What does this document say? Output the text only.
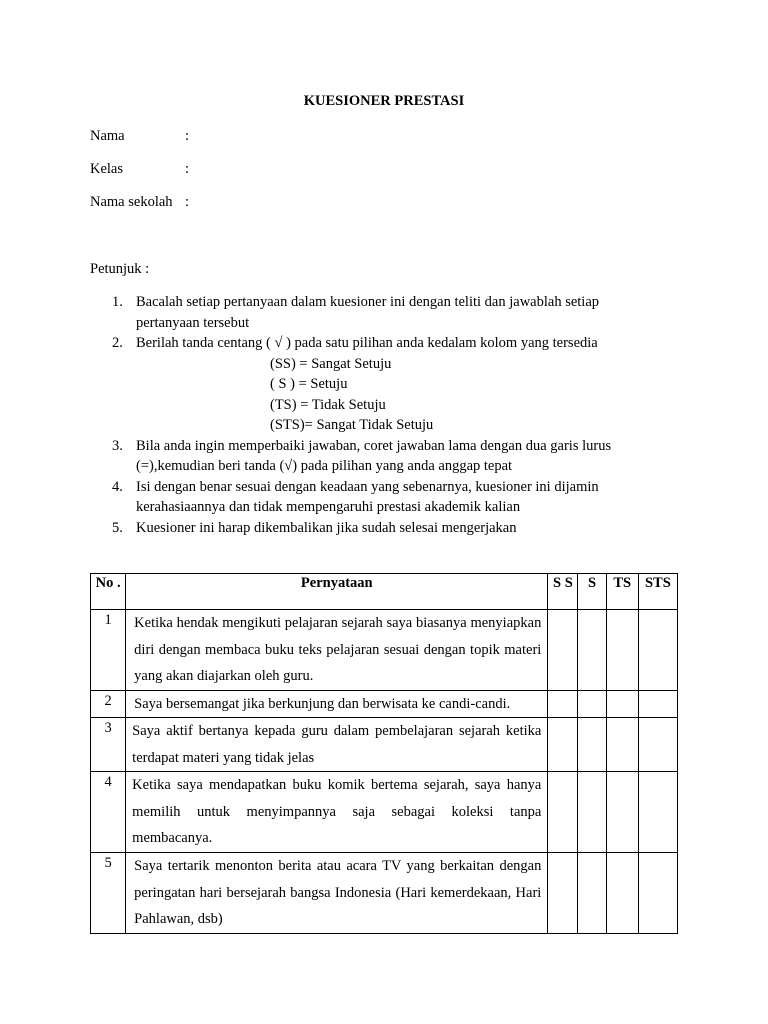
KUESIONER PRESTASI
Nama	:
Kelas	:
Nama sekolah :
Petunjuk :
1. Bacalah setiap pertanyaan dalam kuesioner ini dengan teliti dan jawablah setiap pertanyaan tersebut
2. Berilah tanda centang ( √ ) pada satu pilihan anda kedalam kolom yang tersedia
(SS) = Sangat Setuju
( S ) = Setuju
(TS) = Tidak Setuju
(STS)= Sangat Tidak Setuju
3. Bila anda ingin memperbaiki jawaban, coret jawaban lama dengan dua garis lurus (=),kemudian beri tanda (√) pada pilihan yang anda anggap tepat
4. Isi dengan benar sesuai dengan keadaan yang sebenarnya, kuesioner ini dijamin kerahasiaannya dan tidak mempengaruhi prestasi akademik kalian
5. Kuesioner ini harap dikembalikan jika sudah selesai mengerjakan
No .	Pernyataan	S S	S	TS	STS
1	Ketika hendak mengikuti pelajaran sejarah saya biasanya menyiapkan diri dengan membaca buku teks pelajaran sesuai dengan topik materi yang akan diajarkan oleh guru.				
2	Saya bersemangat jika berkunjung dan berwisata ke candi-candi.				
3	Saya aktif bertanya kepada guru dalam pembelajaran sejarah ketika terdapat materi yang tidak jelas				
4	Ketika saya mendapatkan buku komik bertema sejarah, saya hanya memilih untuk menyimpannya saja sebagai koleksi tanpa membacanya.				
5	Saya tertarik menonton berita atau acara TV yang berkaitan dengan peringatan hari bersejarah bangsa Indonesia (Hari kemerdekaan, Hari Pahlawan, dsb)				
